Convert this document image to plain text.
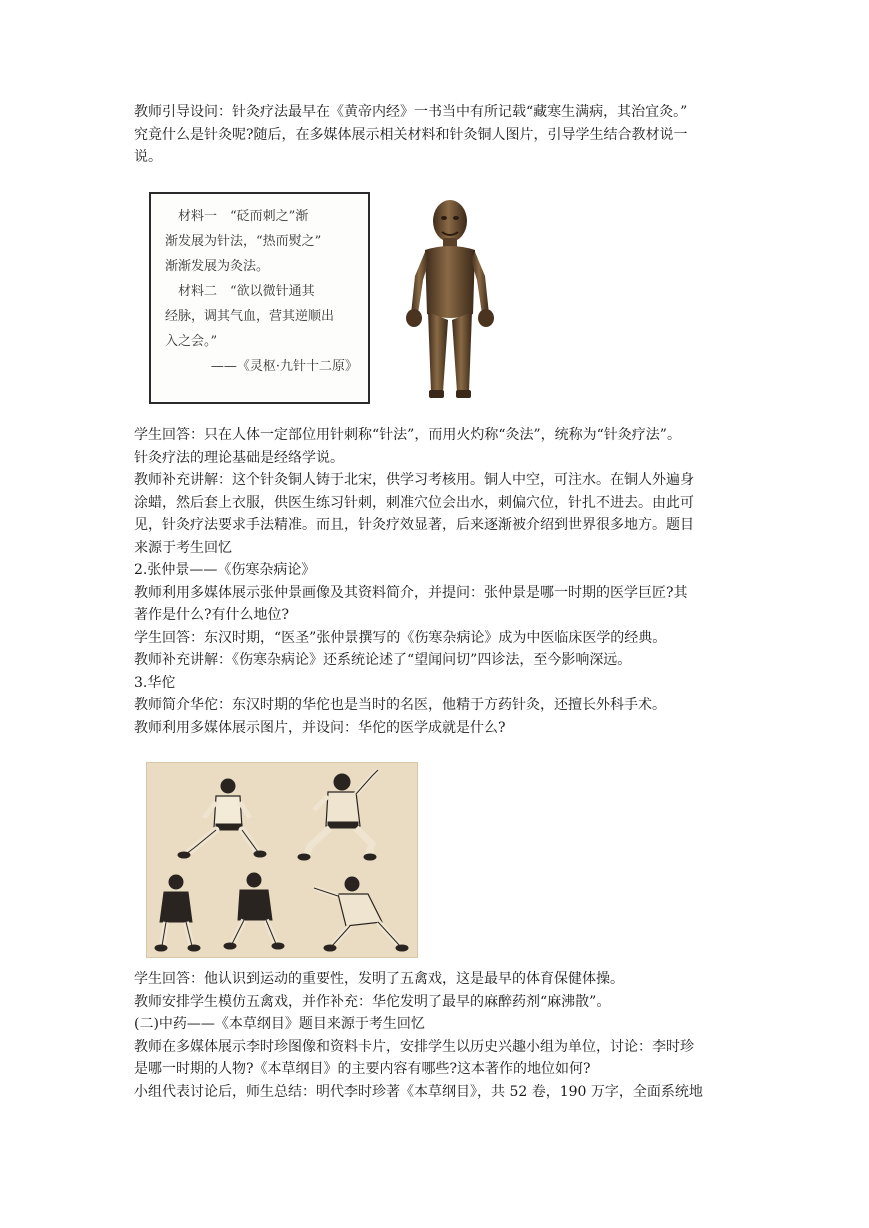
教师引导设问：针灸疗法最早在《黄帝内经》一书当中有所记载“藏寒生满病，其治宜灸。”

究竟什么是针灸呢?随后，在多媒体展示相关材料和针灸铜人图片，引导学生结合教材说一

说。

　材料一　“砭而刺之”渐

渐发展为针法，“热而熨之”

渐渐发展为灸法。

　材料二　“欲以微针通其

经脉，调其气血，营其逆顺出

入之会。”

——《灵枢·九针十二原》

学生回答：只在人体一定部位用针刺称“针法”，而用火灼称“灸法”，统称为“针灸疗法”。

针灸疗法的理论基础是经络学说。

教师补充讲解：这个针灸铜人铸于北宋，供学习考核用。铜人中空，可注水。在铜人外遍身

涂蜡，然后套上衣服，供医生练习针刺，刺准穴位会出水，刺偏穴位，针扎不进去。由此可

见，针灸疗法要求手法精准。而且，针灸疗效显著，后来逐渐被介绍到世界很多地方。题目

来源于考生回忆

2.张仲景——《伤寒杂病论》

教师利用多媒体展示张仲景画像及其资料简介，并提问：张仲景是哪一时期的医学巨匠?其

著作是什么?有什么地位?

学生回答：东汉时期，“医圣”张仲景撰写的《伤寒杂病论》成为中医临床医学的经典。

教师补充讲解：《伤寒杂病论》还系统论述了“望闻问切”四诊法，至今影响深远。

3.华佗

教师简介华佗：东汉时期的华佗也是当时的名医，他精于方药针灸，还擅长外科手术。

教师利用多媒体展示图片，并设问：华佗的医学成就是什么?

学生回答：他认识到运动的重要性，发明了五禽戏，这是最早的体育保健体操。

教师安排学生模仿五禽戏，并作补充：华佗发明了最早的麻醉药剂“麻沸散”。

(二)中药——《本草纲目》题目来源于考生回忆

教师在多媒体展示李时珍图像和资料卡片，安排学生以历史兴趣小组为单位，讨论：李时珍

是哪一时期的人物?《本草纲目》的主要内容有哪些?这本著作的地位如何?

小组代表讨论后，师生总结：明代李时珍著《本草纲目》，共 52 卷，190 万字，全面系统地
